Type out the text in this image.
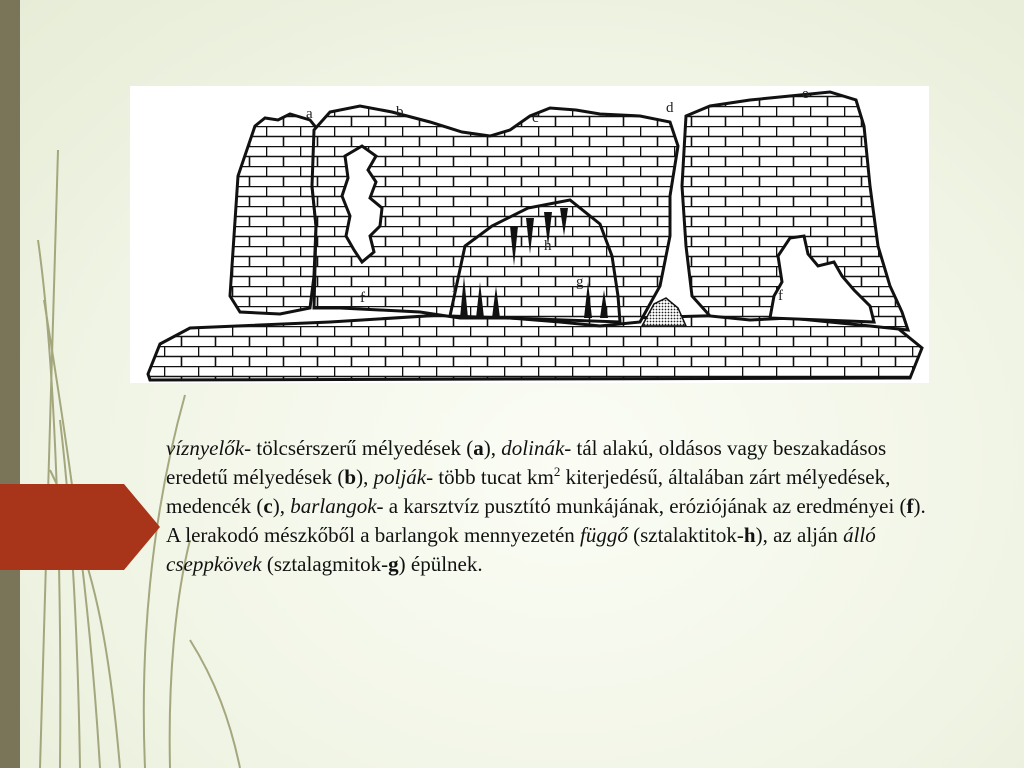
a	b	c
d
e
f	f
g
h
i

víznyelők- tölcsérszerű mélyedések (a), dolinák- tál alakú, oldásos vagy beszakadásos eredetű mélyedések (b), polják- több tucat $km^2$ kiterjedésű, általában zárt mélyedések, medencék (c), barlangok- a karsztvíz pusztító munkájának, eróziójának az eredményei (f).

A lerakodó mészkőből a barlangok mennyezetén függő (sztalaktitok-h), az alján álló cseppkövek (sztalagmitok-g) épülnek.
